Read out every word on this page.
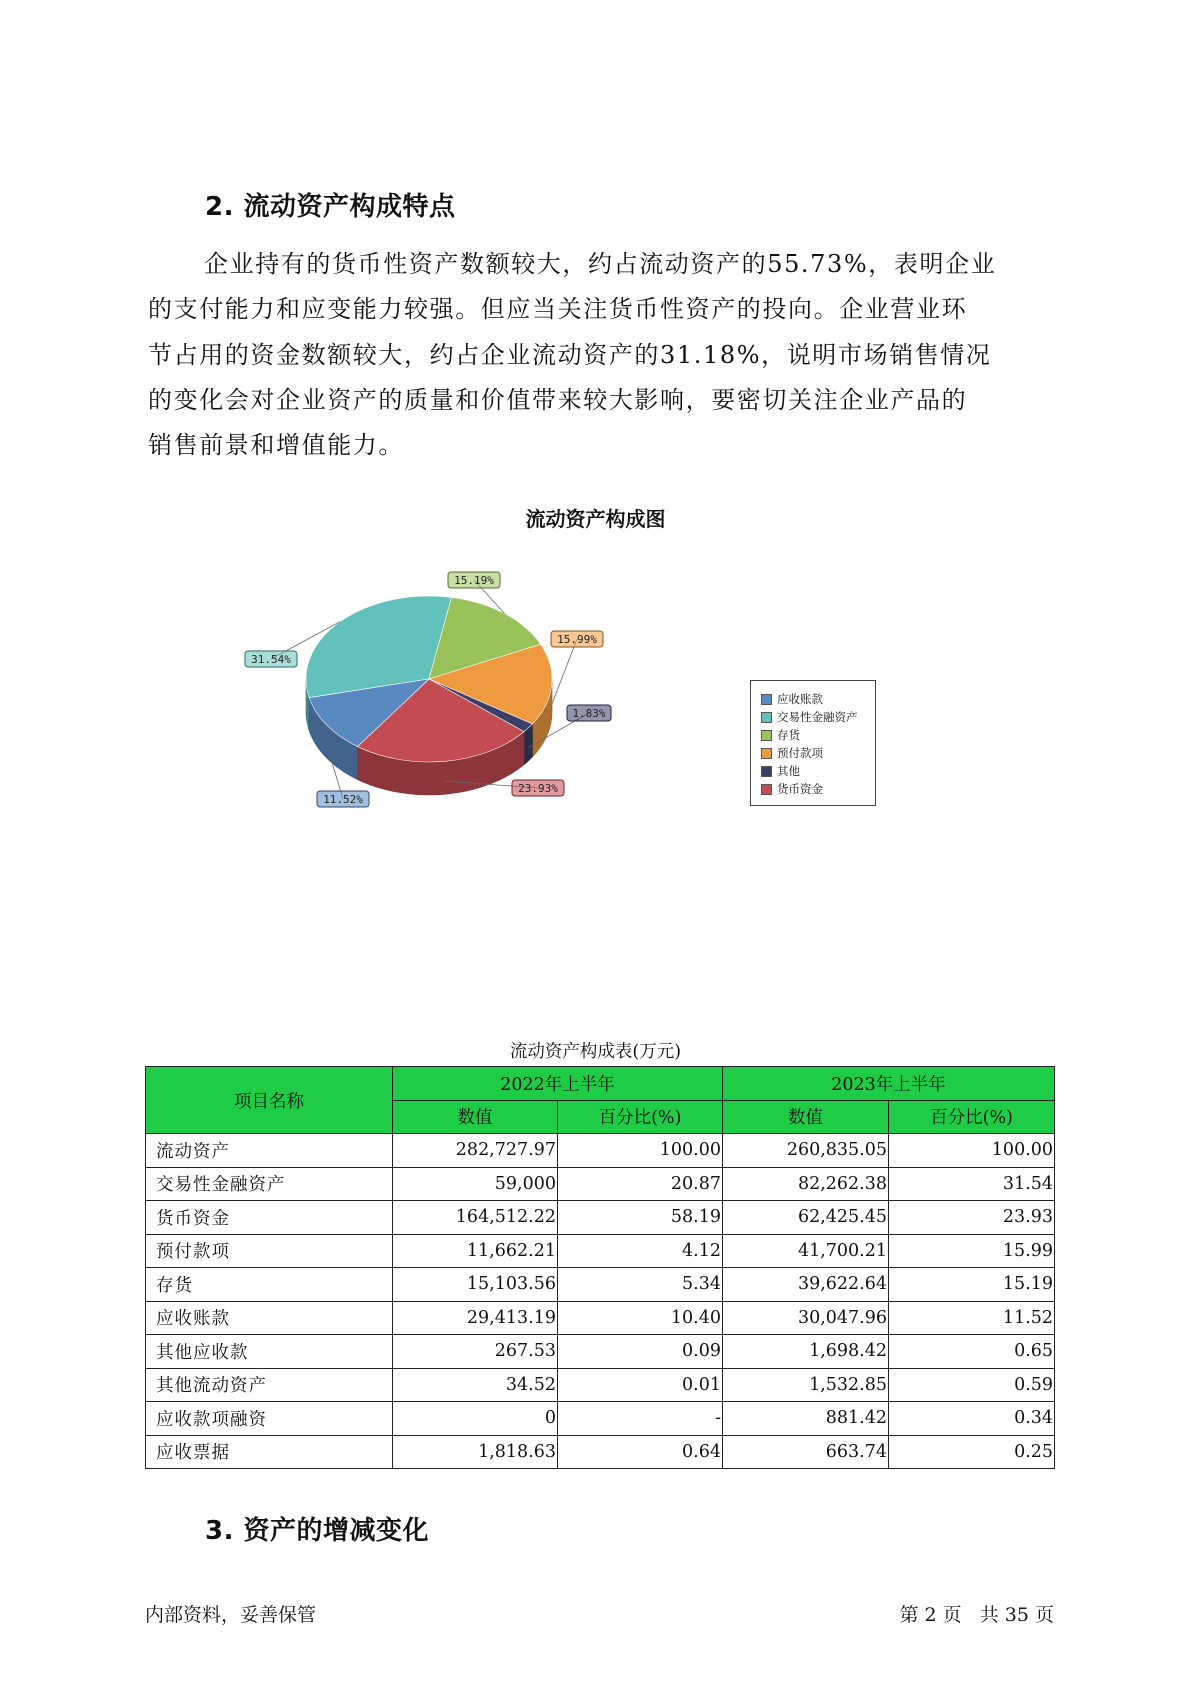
2. 流动资产构成特点

企业持有的货币性资产数额较大，约占流动资产的55.73%，表明企业
的支付能力和应变能力较强。但应当关注货币性资产的投向。企业营业环
节占用的资金数额较大，约占企业流动资产的31.18%，说明市场销售情况
的变化会对企业资产的质量和价值带来较大影响，要密切关注企业产品的
销售前景和增值能力。

流动资产构成图
31.54%
15.19%
15.99%
1.83%
23.93%
11.52%
应收账款
交易性金融资产
存货
预付款项
其他
货币资金
流动资产构成表(万元)
项目名称	2022年上半年		2023年上半年	
	数值	百分比(%)	数值	百分比(%)
流动资产	282,727.97	100.00	260,835.05	100.00
交易性金融资产	59,000	20.87	82,262.38	31.54
货币资金	164,512.22	58.19	62,425.45	23.93
预付款项	11,662.21	4.12	41,700.21	15.99
存货	15,103.56	5.34	39,622.64	15.19
应收账款	29,413.19	10.40	30,047.96	11.52
其他应收款	267.53	0.09	1,698.42	0.65
其他流动资产	34.52	0.01	1,532.85	0.59
应收款项融资	0	-	881.42	0.34
应收票据	1,818.63	0.64	663.74	0.25
3. 资产的增减变化
内部资料，妥善保管	第 2 页   共 35 页
